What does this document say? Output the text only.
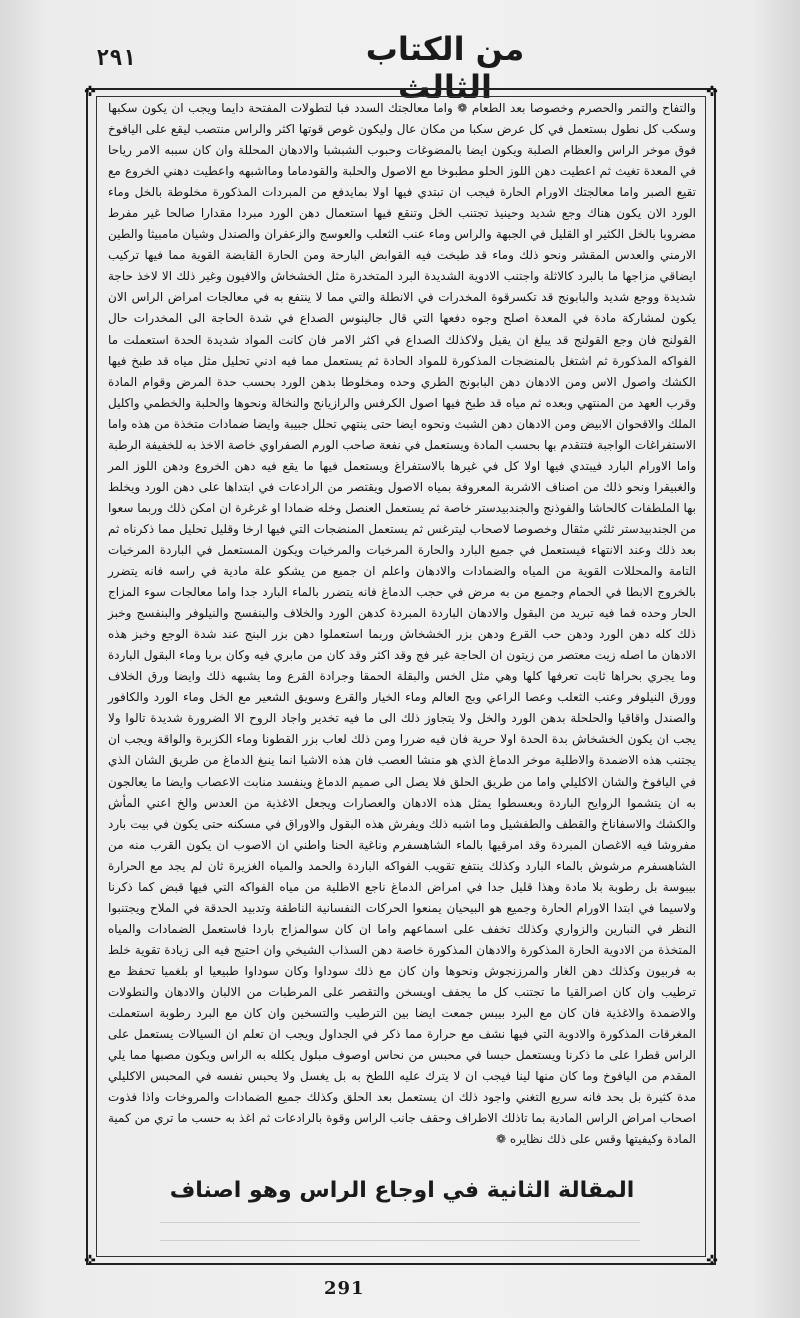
۲۹۱	من الكتاب الثالث
✜	✜
✜	✜

والتفاح والتمر والحصرم وخصوصا بعد الطعام ❁ واما معالجتك السدد فبا لتطولات المفتحة دايما ويجب ان يكون سكبها وسكب كل نطول بستعمل في كل عرض سكبا من مكان عال وليكون غوص قوتها اكثر والراس منتصب ليقع على اليافوخ فوق موخر الراس والعظام الصلبة ويكون ايضا بالمضوغات وحبوب الشبشبا والادهان المحللة وان كان سببه الامر رياحا في المعدة تغيث ثم اعطيت دهن اللوز الحلو مطبوخا مع الاصول والحلبة والقودماما ومااشبهه واعطيت دهني الخروع مع تقيع الصبر واما معالجتك الاورام الحارة فيجب ان تبتدي فيها اولا بمايدفع من المبردات المذكورة مخلوطة بالخل وماء الورد الان يكون هناك وجع شديد وحينيذ تجتنب الخل وتنقع فيها استعمال دهن الورد مبردا مقدارا صالحا غير مفرط مضروبا بالخل الكثير او القليل في الجبهة والراس وماء عنب الثعلب والعوسج والزعفران والصندل وشيان مامبيثا والطين الارمني والعدس المقشر ونحو ذلك وماء قد طبخت فيه القوابض البارحة ومن الحارة القابضة القوية مما فيها تركيب ايضاقي مزاجها ما بالبرد كالاثلة واجتنب الادوية الشديدة البرد المتخدرة مثل الخشخاش والافيون وغير ذلك الا لاخذ حاجة شديدة ووجع شديد والبابونج قد تكسرقوة المخدرات في الانطلة والتي مما لا ينتفع به في معالجات امراض الراس الان يكون لمشاركة مادة في المعدة اصلح وجوه دفعها التي قال جالينوس الصداع في شدة الحاجة الى المخدرات حال القولنج فان وجع القولنج قد يبلغ ان يقيل ولاكذلك الصداع في اكثر الامر فان كانت المواد شديدة الحدة استعملت ما الفواكه المذكورة ثم اشتغل بالمنضجات المذكورة للمواد الحادة ثم يستعمل مما فيه ادني تحليل مثل مياه قد طبخ فيها الكشك واصول الاس ومن الادهان دهن البابونج الطري وحده ومخلوطا بدهن الورد بحسب حدة المرض وقوام المادة وقرب العهد من المنتهي وبعده ثم مياه قد طبخ فيها اصول الكرفس والرازيانج والنخالة ونحوها والحلبة والخطمي واكليل الملك والاقحوان الابيض ومن الادهان دهن الشبث ونحوه ايضا حتى ينتهي تحلل جبيبة وايضا ضمادات متخذة من هذه واما الاستفراغات الواجبة فتتقدم بها بحسب المادة ويستعمل في نفعة صاحب الورم الصفراوي خاصة الاخذ به للخفيفة الرطبة واما الاورام البارد فيبتدي فيها اولا كل في غيرها بالاستفراغ ويستعمل فيها ما يقع فيه دهن الخروع ودهن اللوز المر والغبيقرا ونحو ذلك من اصناف الاشربة المعروفة بمياه الاصول ويقتصر من الرادعات في ابتداها على دهن الورد ويخلط بها الملطفات كالحاشا والفوذنج والجندبيدستر خاصة ثم يستعمل العنصل وخله ضمادا او غرغرة ان امكن ذلك وربما سعوا من الجندبيدستر ثلثي مثقال وخصوصا لاصحاب ليترغس ثم يستعمل المنضجات التي فيها ارخا وقليل تحليل مما ذكرناه ثم بعد ذلك وعند الانتهاء فيستعمل في جميع البارد والحارة المرخيات والمرخيات ويكون المستعمل في الباردة المرخيات التامة والمحللات القوية من المياه والضمادات والادهان واعلم ان جميع من يشكو علة مادية في راسه فانه يتضرر بالخروج الابطا في الحمام وجميع من به مرض في حجب الدماغ فانه يتضرر بالماء البارد جدا واما معالجات سوء المزاج الحار وحده فما فيه تبريد من البقول والادهان الباردة المبردة كدهن الورد والخلاف والبنفسج والنيلوفر والبنفسج وخبز ذلك كله دهن الورد ودهن حب القرع ودهن بزر الخشخاش وربما استعملوا دهن بزر البنج عند شدة الوجع وخبز هذه الادهان ما اصله زيت معتصر من زيتون ان الحاجة غير فج وقد اكثر وقد كان من مابري فيه وكان بريا وماء البقول الباردة وما يجري بحراها ثابت تعرفها كلها وهي مثل الخس والبقلة الحمقا وجرادة القرع وما يشبهه ذلك وايضا ورق الخلاف وورق النيلوفر وعنب الثعلب وعصا الراعي وبج العالم وماء الخيار والقرع وسويق الشعير مع الخل وماء الورد والكافور والصندل واقاقيا والحلحلة بدهن الورد والخل ولا يتجاوز ذلك الى ما فيه تخدير واجاد الروح الا الضرورة شديدة تالوا ولا يجب ان يكون الخشخاش بدة الحدة اولا حرية فان فيه ضررا ومن ذلك لعاب بزر القطونا وماء الكزبرة والواقة ويجب ان يجتنب هذه الاضمدة والاطلية موخر الدماغ الذي هو منشا العصب فان هذه الاشيا انما ينبغ الدماغ من طريق الشان الذي في اليافوخ والشان الاكليلي واما من طريق الحلق فلا يصل الى صميم الدماغ وينفسد منابت الاعصاب وايضا ما يعالجون به ان يتشموا الروايح الباردة وبعسطوا يمثل هذه الادهان والعصارات ويجعل الاغذية من العدس والخ اعني المأش والكشك والاسفاناخ والقطف والطفشيل وما اشبه ذلك ويفرش هذه البقول والاوراق في مسكنه حتى يكون في بيت بارد مفروشا فيه الاغصان المبردة وقد امرقيها بالماء الشاهسفرم وناغية الحنا واطني ان الاصوب ان يكون القرب منه من الشاهسفرم مرشوش بالماء البارد وكذلك ينتفع تقويب الفواكه الباردة والحمد والمياه الغزيرة ثان لم يجد مع الحرارة بيبوسة بل رطوبة بلا مادة وهذا قليل جدا في امراض الدماغ ناجع الاطلية من مياه الفواكه التي فيها قبض كما ذكرنا ولاسيما في ابتدا الاورام الحارة وجميع هو البيحيان يمنعوا الحركات النفسانية الناطقة وتدبيد الحدقة في الملاح ويجتنبوا النظر في النبارين والزواري وكذلك تخفف على اسماعهم واما ان كان سوالمزاج باردا فاستعمل الضمادات والمياه المتخذة من الادوية الحارة المذكورة والادهان المذكورة خاصة دهن السذاب الشيخي وان احتيج فيه الى زيادة تقوية خلط به فربيون وكذلك دهن الغار والمرزنجوش ونحوها وان كان مع ذلك سوداوا وكان سوداوا طبيعيا او بلغميا تحفظ مع ترطيب وان كان اصرالقيا ما تجتنب كل ما يجفف اويسخن والتقصر على المرطبات من الالبان والادهان والنطولات والاضمدة والاغذية فان كان مع البرد بيبس جمعت ايضا بين الترطيب والتسخين وان كان مع البرد رطوبة استعملت المغرقات المذكورة والادوية التي فيها نشف مع حرارة مما ذكر في الجداول ويجب ان تعلم ان السيالات يستعمل على الراس قطرا على ما ذكرنا ويستعمل حبسا في محبس من نحاس اوصوف مبلول يكلله به الراس ويكون مصبها مما يلي المقدم من اليافوخ وما كان منها لينا فيجب ان لا يترك عليه اللطخ به بل يغسل ولا يحبس نفسه في المحبس الاكليلي مدة كثيرة بل بحد فانه سريع التغني واجود ذلك ان يستعمل بعد الحلق وكذلك جميع الضمادات والمروخات واذا فذوت اصحاب امراض الراس المادية بما تاذلك الاطراف وحقف جانب الراس وقوة بالرادعات ثم اغذ به حسب ما تري من كمية المادة وكيفيتها وقس على ذلك نظايره ❁

المقالة الثانية في اوجاع الراس وهو اصناف
291
